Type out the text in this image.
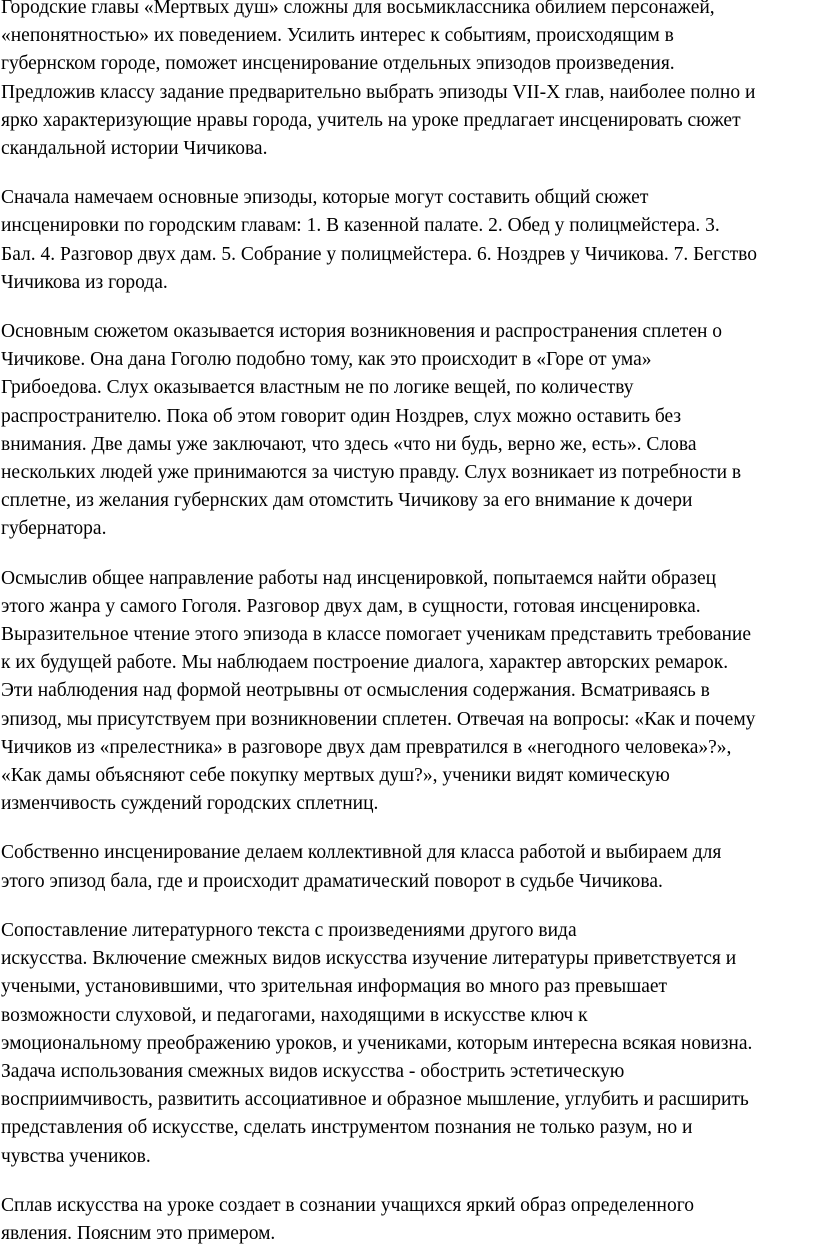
Городские главы «Мертвых душ» сложны для восьмиклассника обилием персонажей,
«непонятностью» их поведением. Усилить интерес к событиям, происходящим в
губернском городе, поможет инсценирование отдельных эпизодов произведения.
Предложив классу задание предварительно выбрать эпизоды VII-X глав, наиболее полно и
ярко характеризующие нравы города, учитель на уроке предлагает инсценировать сюжет
скандальной истории Чичикова.

Сначала намечаем основные эпизоды, которые могут составить общий сюжет
инсценировки по городским главам: 1. В казенной палате. 2. Обед у полицмейстера. 3.
Бал. 4. Разговор двух дам. 5. Собрание у полицмейстера. 6. Ноздрев у Чичикова. 7. Бегство
Чичикова из города.

Основным сюжетом оказывается история возникновения и распространения сплетен о
Чичикове. Она дана Гоголю подобно тому, как это происходит в «Горе от ума»
Грибоедова. Слух оказывается властным не по логике вещей, по количеству
распространителю. Пока об этом говорит один Ноздрев, слух можно оставить без
внимания. Две дамы уже заключают, что здесь «что ни будь, верно же, есть». Слова
нескольких людей уже принимаются за чистую правду. Слух возникает из потребности в
сплетне, из желания губернских дам отомстить Чичикову за его внимание к дочери
губернатора.

Осмыслив общее направление работы над инсценировкой, попытаемся найти образец
этого жанра у самого Гоголя. Разговор двух дам, в сущности, готовая инсценировка.
Выразительное чтение этого эпизода в классе помогает ученикам представить требование
к их будущей работе. Мы наблюдаем построение диалога, характер авторских ремарок.
Эти наблюдения над формой неотрывны от осмысления содержания. Всматриваясь в
эпизод, мы присутствуем при возникновении сплетен. Отвечая на вопросы: «Как и почему
Чичиков из «прелестника» в разговоре двух дам превратился в «негодного человека»?»,
«Как дамы объясняют себе покупку мертвых душ?», ученики видят комическую
изменчивость суждений городских сплетниц.

Собственно инсценирование делаем коллективной для класса работой и выбираем для
этого эпизод бала, где и происходит драматический поворот в судьбе Чичикова.

Сопоставление литературного текста с произведениями другого вида
искусства. Включение смежных видов искусства изучение литературы приветствуется и
учеными, установившими, что зрительная информация во много раз превышает
возможности слуховой, и педагогами, находящими в искусстве ключ к
эмоциональному преображению уроков, и учениками, которым интересна всякая новизна.
Задача использования смежных видов искусства - обострить эстетическую
восприимчивость, развитить ассоциативное и образное мышление, углубить и расширить
представления об искусстве, сделать инструментом познания не только разум, но и
чувства учеников.

Сплав искусства на уроке создает в сознании учащихся яркий образ определенного
явления. Поясним это примером.
